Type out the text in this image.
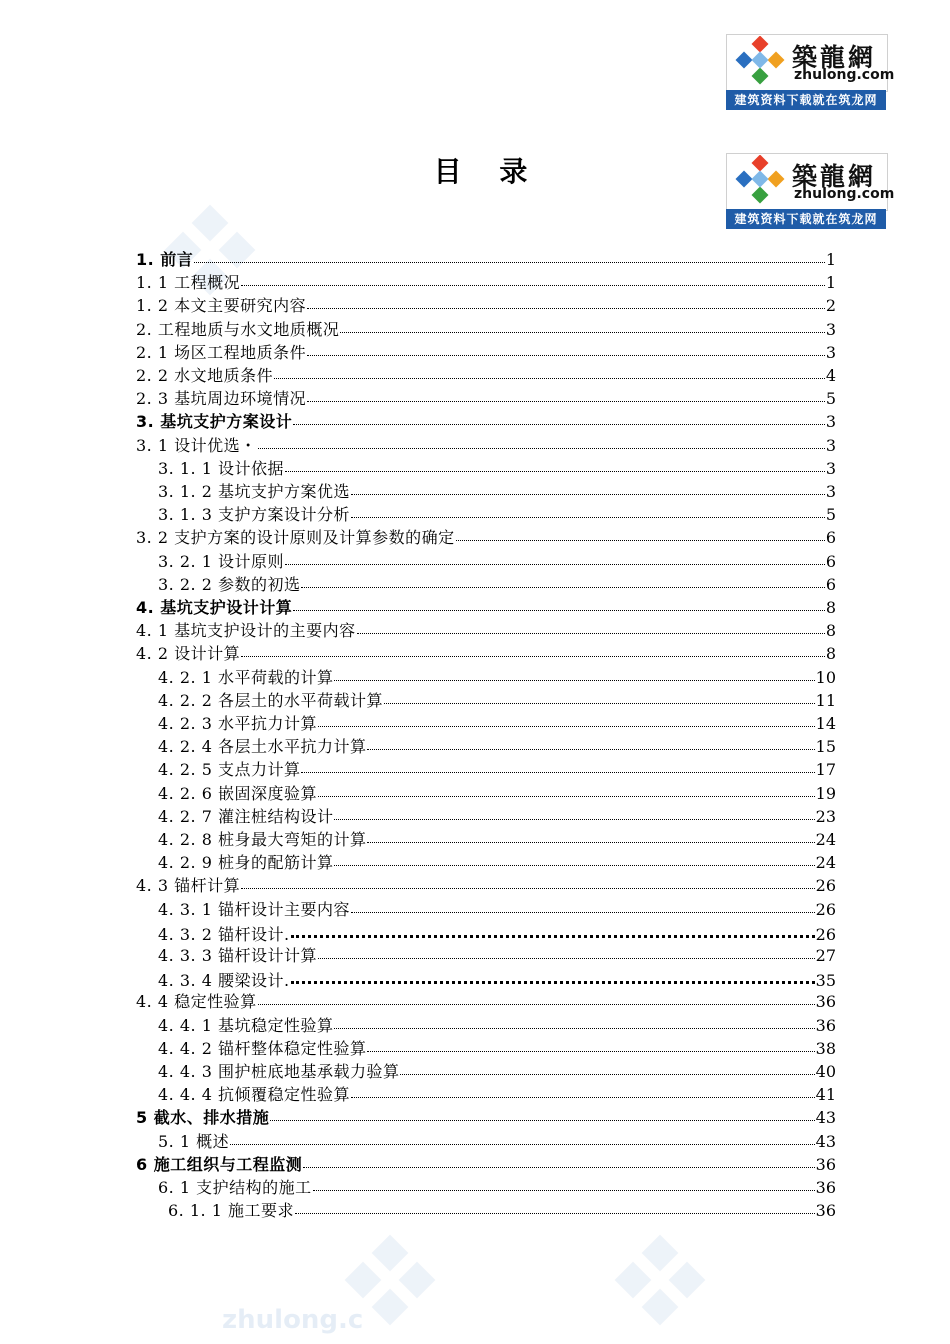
zhulong.c
築龍網
zhulong.com
建筑资料下载就在筑龙网
築龍網
zhulong.com
建筑资料下载就在筑龙网
目 录
1. 前言	1
1. 1 工程概况	1
1. 2 本文主要研究内容	2
2. 工程地质与水文地质概况	3
2. 1 场区工程地质条件	3
2. 2 水文地质条件	4
2. 3 基坑周边环境情况	5
3. 基坑支护方案设计	3
3. 1 设计优选・	3
3. 1. 1 设计依据	3
3. 1. 2 基坑支护方案优选	3
3. 1. 3 支护方案设计分析	5
3. 2 支护方案的设计原则及计算参数的确定	6
3. 2. 1 设计原则	6
3. 2. 2 参数的初选	6
4. 基坑支护设计计算	8
4. 1 基坑支护设计的主要内容	8
4. 2 设计计算	8
4. 2. 1 水平荷载的计算	10
4. 2. 2 各层土的水平荷载计算	11
4. 2. 3 水平抗力计算	14
4. 2. 4 各层土水平抗力计算	15
4. 2. 5 支点力计算	17
4. 2. 6 嵌固深度验算	19
4. 2. 7 灌注桩结构设计	23
4. 2. 8 桩身最大弯矩的计算	24
4. 2. 9 桩身的配筋计算	24
4. 3 锚杆计算	26
4. 3. 1 锚杆设计主要内容	26
4. 3. 2 锚杆设计.	26
4. 3. 3 锚杆设计计算	27
4. 3. 4 腰梁设计.	35
4. 4 稳定性验算	36
4. 4. 1 基坑稳定性验算	36
4. 4. 2 锚杆整体稳定性验算	38
4. 4. 3 围护桩底地基承载力验算	40
4. 4. 4 抗倾覆稳定性验算	41
5 截水、排水措施	43
5. 1 概述	43
6 施工组织与工程监测	36
6. 1 支护结构的施工	36
6. 1. 1 施工要求	36
